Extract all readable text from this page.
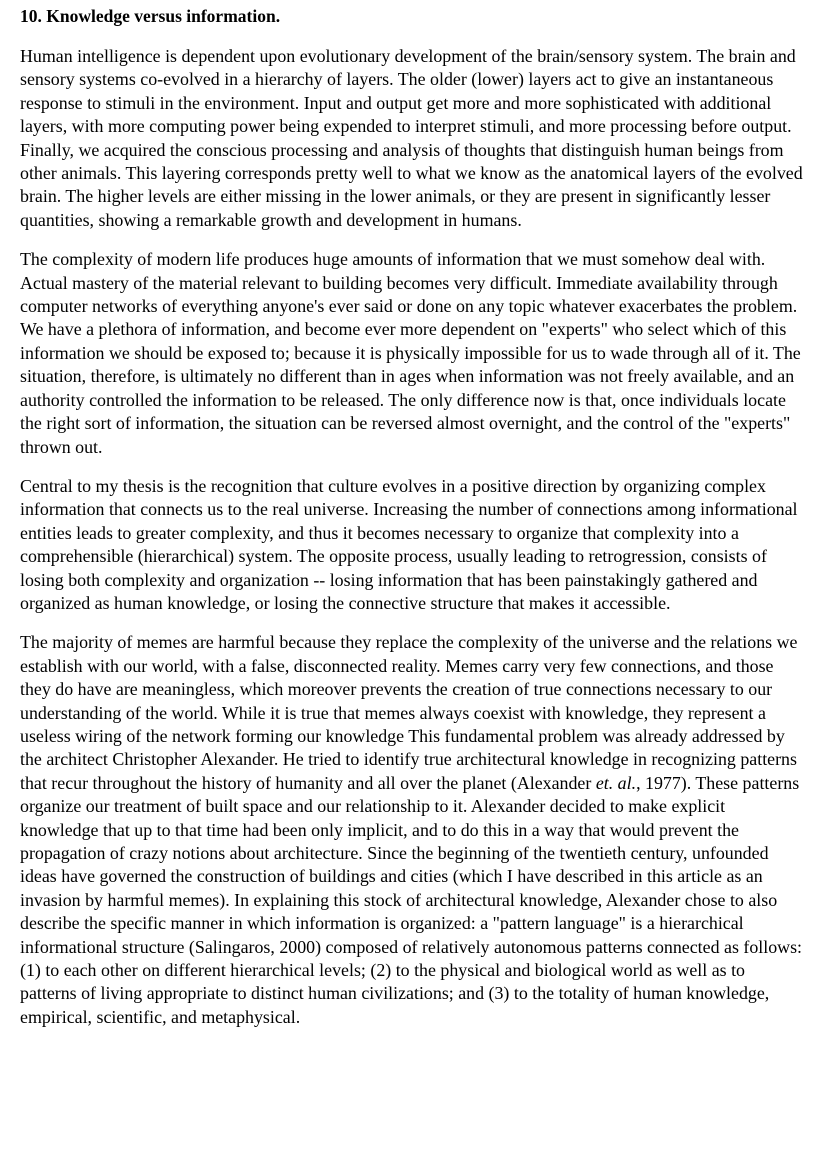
10. Knowledge versus information.

Human intelligence is dependent upon evolutionary development of the brain/sensory system. The brain and sensory systems co-evolved in a hierarchy of layers. The older (lower) layers act to give an instantaneous response to stimuli in the environment. Input and output get more and more sophisticated with additional layers, with more computing power being expended to interpret stimuli, and more processing before output. Finally, we acquired the conscious processing and analysis of thoughts that distinguish human beings from other animals. This layering corresponds pretty well to what we know as the anatomical layers of the evolved brain. The higher levels are either missing in the lower animals, or they are present in significantly lesser quantities, showing a remarkable growth and development in humans.

The complexity of modern life produces huge amounts of information that we must somehow deal with. Actual mastery of the material relevant to building becomes very difficult. Immediate availability through computer networks of everything anyone's ever said or done on any topic whatever exacerbates the problem. We have a plethora of information, and become ever more dependent on "experts" who select which of this information we should be exposed to; because it is physically impossible for us to wade through all of it. The situation, therefore, is ultimately no different than in ages when information was not freely available, and an authority controlled the information to be released. The only difference now is that, once individuals locate the right sort of information, the situation can be reversed almost overnight, and the control of the "experts" thrown out.

Central to my thesis is the recognition that culture evolves in a positive direction by organizing complex information that connects us to the real universe. Increasing the number of connections among informational entities leads to greater complexity, and thus it becomes necessary to organize that complexity into a comprehensible (hierarchical) system. The opposite process, usually leading to retrogression, consists of losing both complexity and organization -- losing information that has been painstakingly gathered and organized as human knowledge, or losing the connective structure that makes it accessible.

The majority of memes are harmful because they replace the complexity of the universe and the relations we establish with our world, with a false, disconnected reality. Memes carry very few connections, and those they do have are meaningless, which moreover prevents the creation of true connections necessary to our understanding of the world. While it is true that memes always coexist with knowledge, they represent a useless wiring of the network forming our knowledge This fundamental problem was already addressed by the architect Christopher Alexander. He tried to identify true architectural knowledge in recognizing patterns that recur throughout the history of humanity and all over the planet (Alexander et. al., 1977). These patterns organize our treatment of built space and our relationship to it. Alexander decided to make explicit knowledge that up to that time had been only implicit, and to do this in a way that would prevent the propagation of crazy notions about architecture. Since the beginning of the twentieth century, unfounded ideas have governed the construction of buildings and cities (which I have described in this article as an invasion by harmful memes). In explaining this stock of architectural knowledge, Alexander chose to also describe the specific manner in which information is organized: a "pattern language" is a hierarchical informational structure (Salingaros, 2000) composed of relatively autonomous patterns connected as follows: (1) to each other on different hierarchical levels; (2) to the physical and biological world as well as to patterns of living appropriate to distinct human civilizations; and (3) to the totality of human knowledge, empirical, scientific, and metaphysical.
